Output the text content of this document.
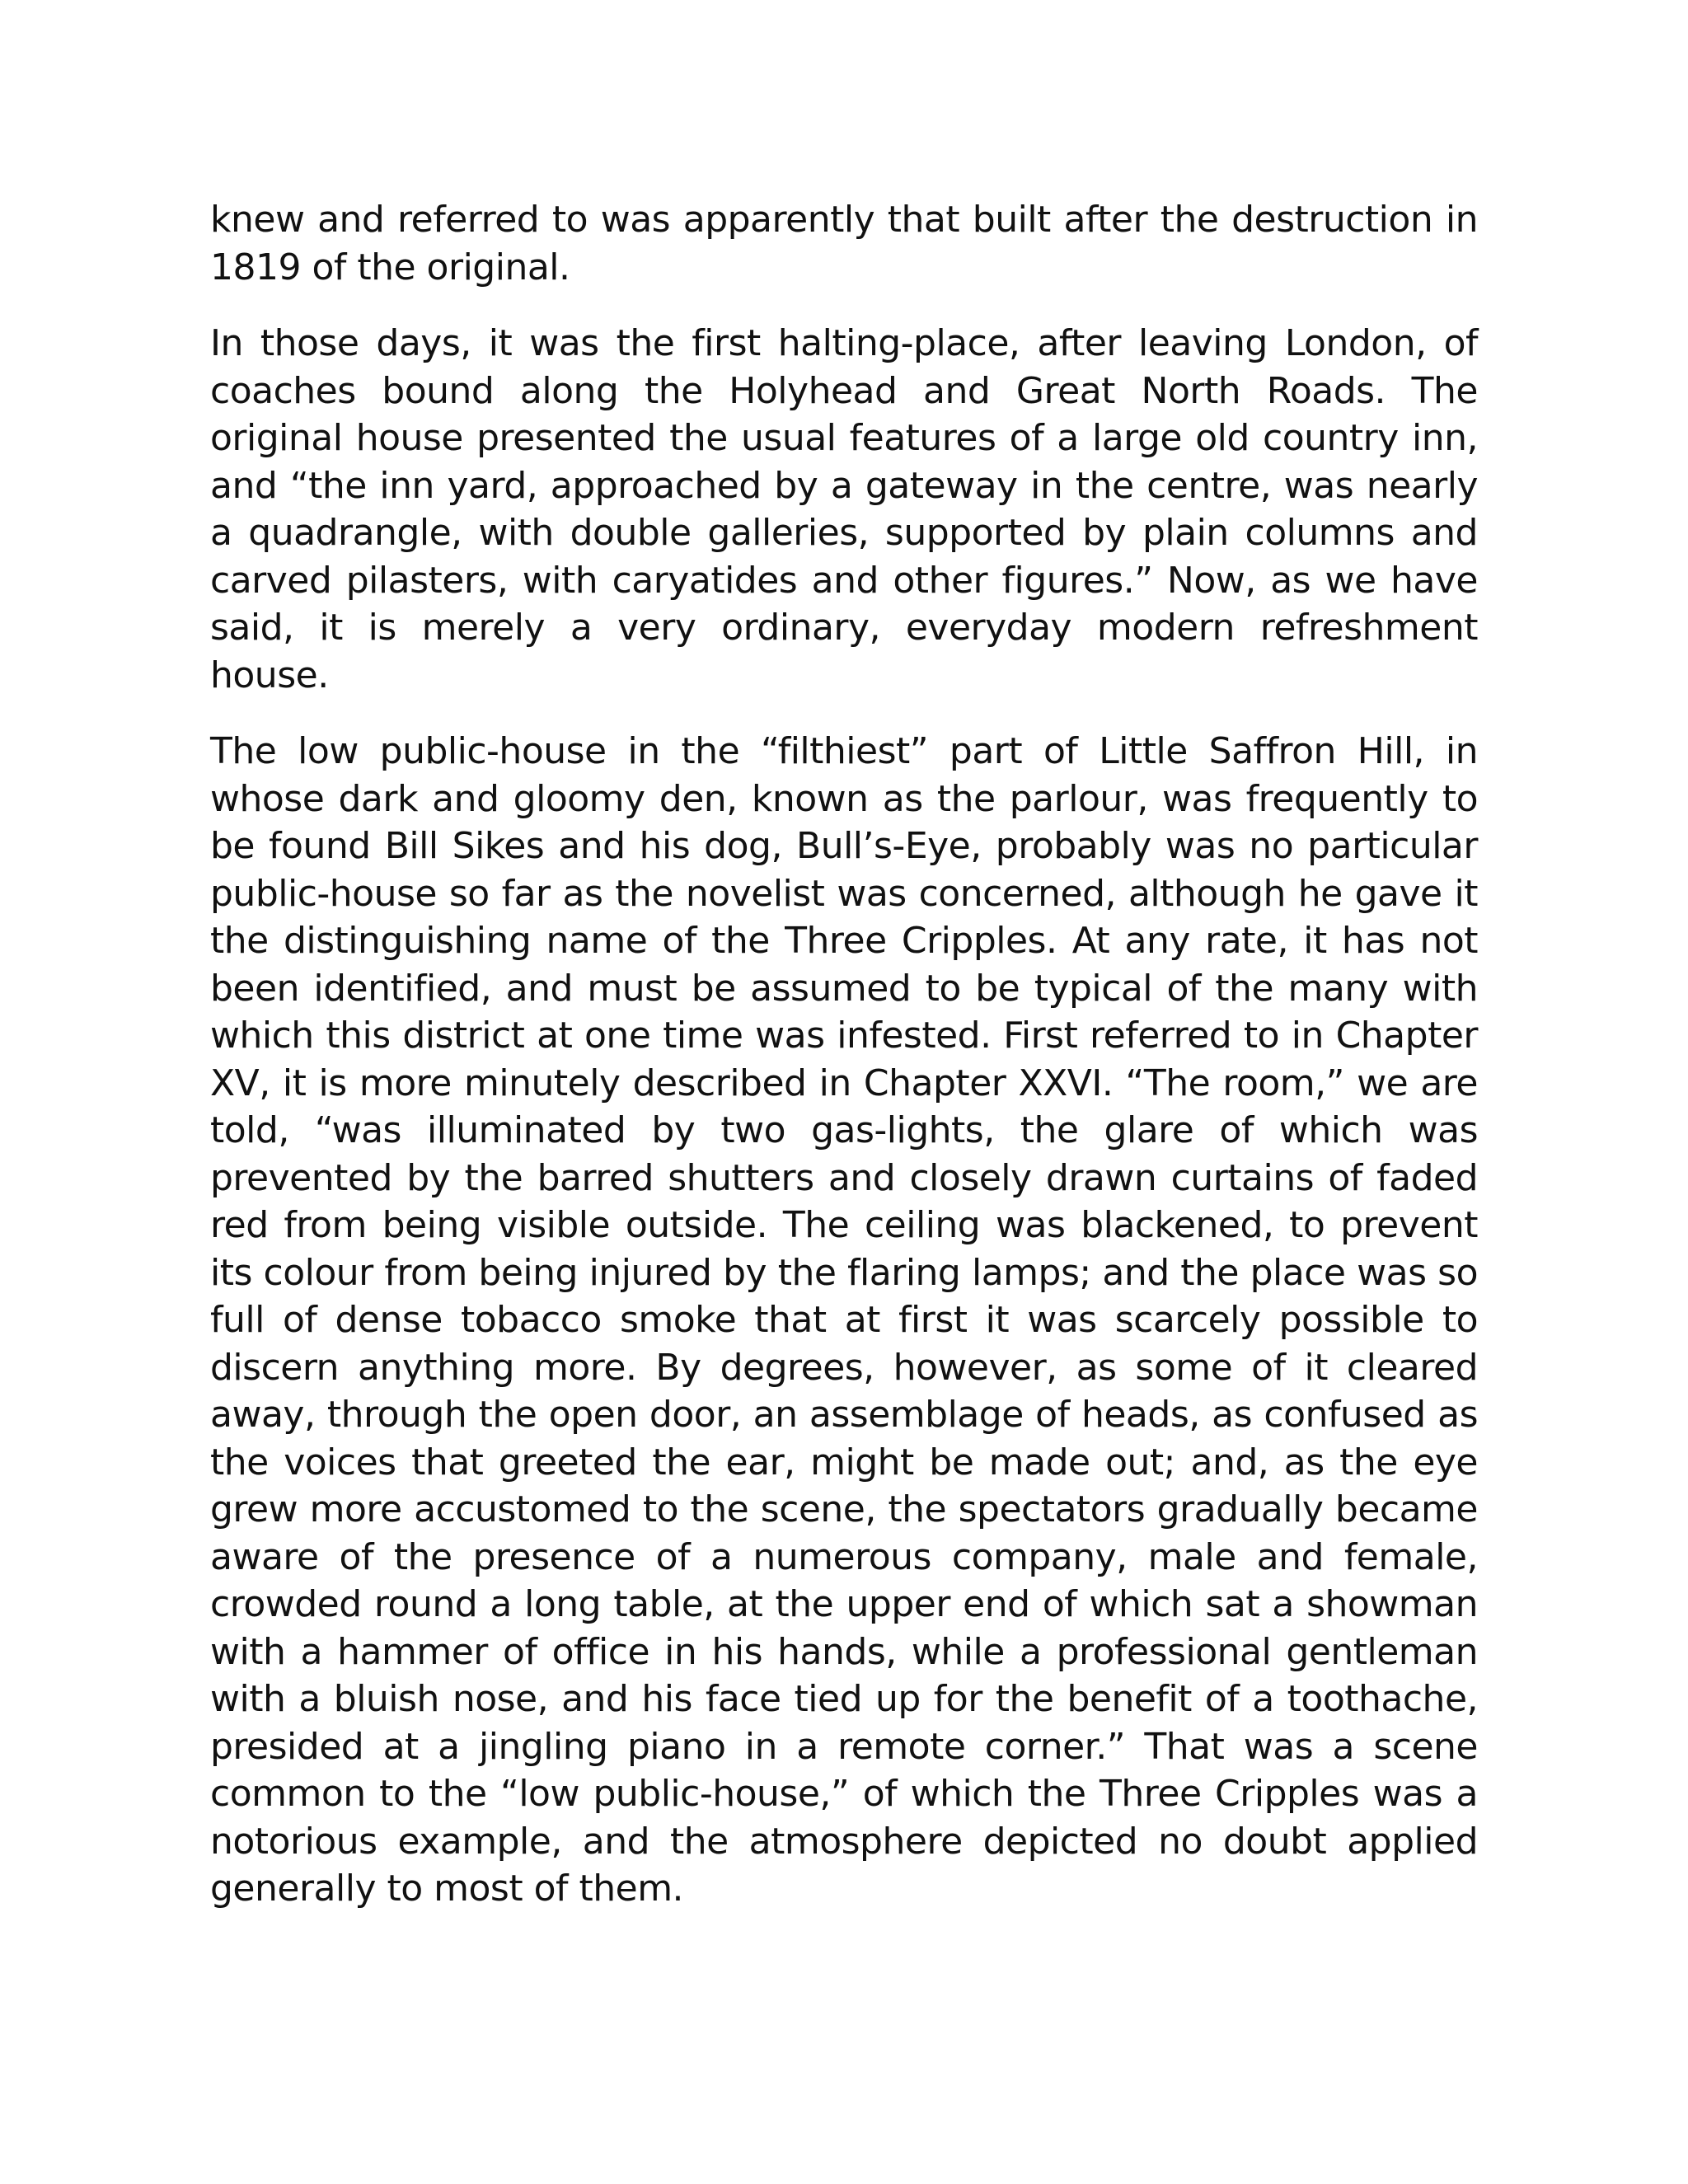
knew and referred to was apparently that built after the destruction in 1819 of the original.

In those days, it was the first halting-place, after leaving London, of coaches bound along the Holyhead and Great North Roads. The original house presented the usual features of a large old country inn, and “the inn yard, approached by a gateway in the centre, was nearly a quadrangle, with double galleries, supported by plain columns and carved pilasters, with caryatides and other figures.” Now, as we have said, it is merely a very ordinary, everyday modern refreshment house.

The low public-house in the “filthiest” part of Little Saffron Hill, in whose dark and gloomy den, known as the parlour, was frequently to be found Bill Sikes and his dog, Bull’s-Eye, probably was no particular public-house so far as the novelist was concerned, although he gave it the distinguishing name of the Three Cripples. At any rate, it has not been identified, and must be assumed to be typical of the many with which this district at one time was infested. First referred to in Chapter XV, it is more minutely described in Chapter XXVI. “The room,” we are told, “was illuminated by two gas-lights, the glare of which was prevented by the barred shutters and closely drawn curtains of faded red from being visible outside. The ceiling was blackened, to prevent its colour from being injured by the flaring lamps; and the place was so full of dense tobacco smoke that at first it was scarcely possible to discern anything more. By degrees, however, as some of it cleared away, through the open door, an assemblage of heads, as confused as the voices that greeted the ear, might be made out; and, as the eye grew more accustomed to the scene, the spectators gradually became aware of the presence of a numerous company, male and female, crowded round a long table, at the upper end of which sat a showman with a hammer of office in his hands, while a professional gentleman with a bluish nose, and his face tied up for the benefit of a toothache, presided at a jingling piano in a remote corner.” That was a scene common to the “low public-house,” of which the Three Cripples was a notorious example, and the atmosphere depicted no doubt applied generally to most of them.
